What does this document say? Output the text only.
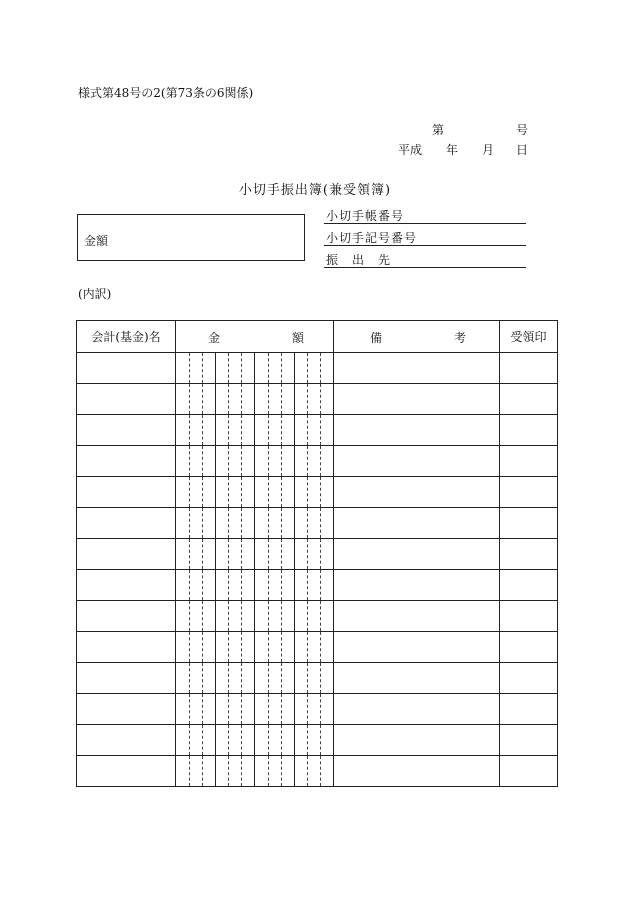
様式第48号の2(第73条の6関係)
第	号
平成 年 月 日
小切手振出簿(兼受領簿)
金額
小切手帳番号
小切手記号番号
振　出　先
(内訳)
会計(基金)名	金 額	備 考	受領印
